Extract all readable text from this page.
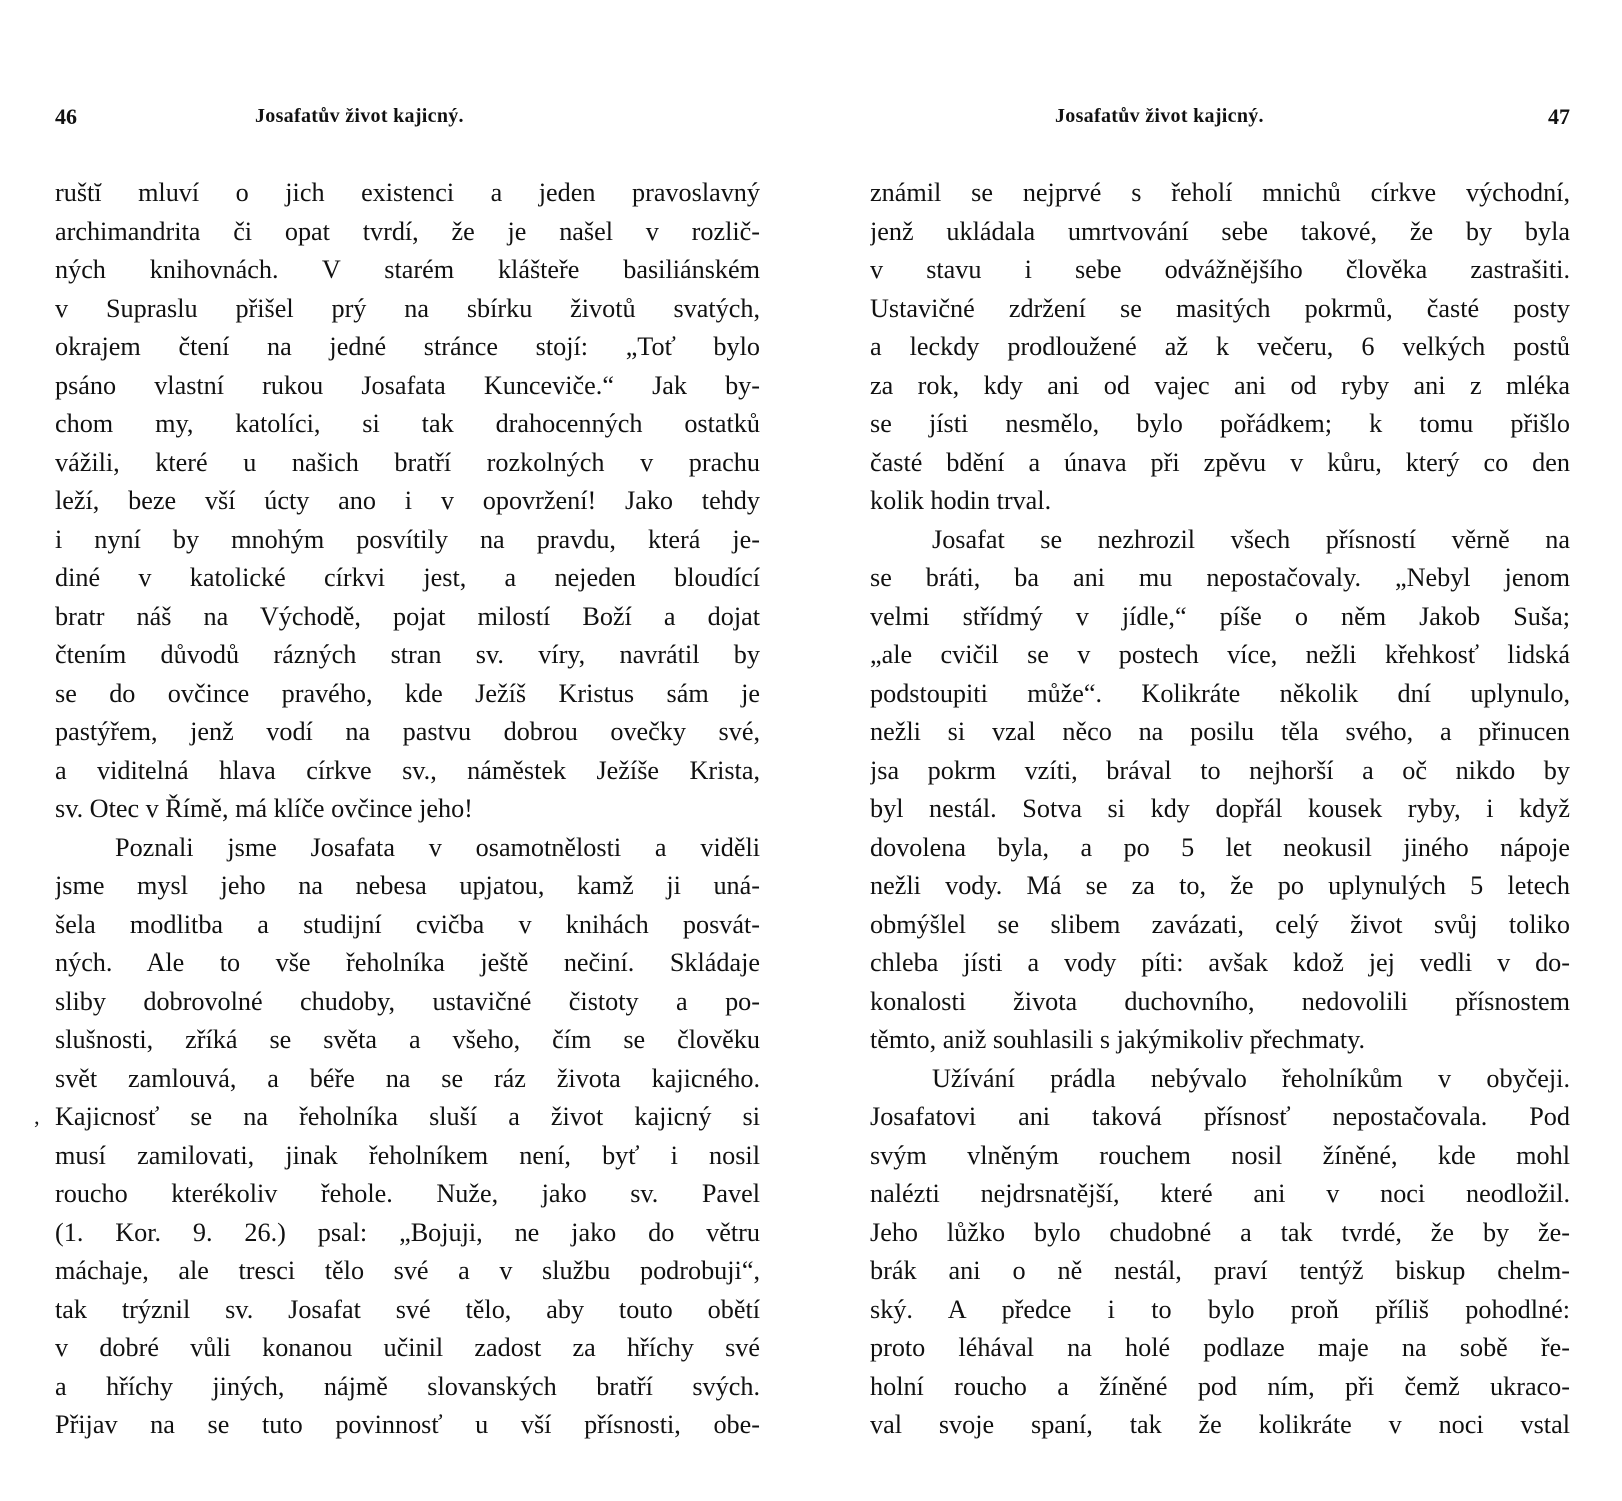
46	Josafatův život kajicný.
ruštĭ mluví o jich existenci a jeden pravoslavný
archimandrita či opat tvrdí, že je našel v rozlič-
ných knihovnách. V starém klášteře basiliánském
v Supraslu přišel prý na sbírku životů svatých,
okrajem čtení na jedné stránce stojí: „Toť bylo
psáno vlastní rukou Josafata Kunceviče.“ Jak by-
chom my, katolíci, si tak drahocenných ostatků
vážili, které u našich bratří rozkolných v prachu
leží, beze vší úcty ano i v opovržení! Jako tehdy
i nyní by mnohým posvítily na pravdu, která je-
diné v katolické církvi jest, a nejeden bloudící
bratr náš na Východě, pojat milostí Boží a dojat
čtením důvodů rázných stran sv. víry, navrátil by
se do ovčince pravého, kde Ježíš Kristus sám je
pastýřem, jenž vodí na pastvu dobrou ovečky své,
a viditelná hlava církve sv., náměstek Ježíše Krista,
sv. Otec v Římě, má klíče ovčince jeho!
Poznali jsme Josafata v osamotnělosti a viděli
jsme mysl jeho na nebesa upjatou, kamž ji uná-
šela modlitba a studijní cvičba v knihách posvát-
ných. Ale to vše řeholníka ještě nečiní. Skládaje
sliby dobrovolné chudoby, ustavičné čistoty a po-
slušnosti, zříká se světa a všeho, čím se člověku
svět zamlouvá, a béře na se ráz života kajicného.
‚ Kajicnosť se na řeholníka sluší a život kajicný si
musí zamilovati, jinak řeholníkem není, byť i nosil
roucho kterékoliv řehole. Nuže, jako sv. Pavel
(1. Kor. 9. 26.) psal: „Bojuji, ne jako do větru
máchaje, ale tresci tělo své a v službu podrobuji“,
tak trýznil sv. Josafat své tělo, aby touto obětí
v dobré vůli konanou učinil zadost za hříchy své
a hříchy jiných, nájmě slovanských bratří svých.
Přijav na se tuto povinnosť u vší přísnosti, obe-
Josafatův život kajicný.	47
známil se nejprvé s řeholí mnichů církve východní,
jenž ukládala umrtvování sebe takové, že by byla
v stavu i sebe odvážnějšího člověka zastrašiti.
Ustavičné zdržení se masitých pokrmů, časté posty
a leckdy prodloužené až k večeru, 6 velkých postů
za rok, kdy ani od vajec ani od ryby ani z mléka
se jísti nesmělo, bylo pořádkem; k tomu přišlo
časté bdění a únava při zpěvu v kůru, který co den
kolik hodin trval.
Josafat se nezhrozil všech přísností věrně na
se bráti, ba ani mu nepostačovaly. „Nebyl jenom
velmi střídmý v jídle,“ píše o něm Jakob Suša;
„ale cvičil se v postech více, nežli křehkosť lidská
podstoupiti může“. Kolikráte několik dní uplynulo,
nežli si vzal něco na posilu těla svého, a přinucen
jsa pokrm vzíti, brával to nejhorší a oč nikdo by
byl nestál. Sotva si kdy dopřál kousek ryby, i když
dovolena byla, a po 5 let neokusil jiného nápoje
nežli vody. Má se za to, že po uplynulých 5 letech
obmýšlel se slibem zavázati, celý život svůj toliko
chleba jísti a vody píti: avšak kdož jej vedli v do-
konalosti života duchovního, nedovolili přísnostem
těmto, aniž souhlasili s jakýmikoliv přechmaty.
Užívání prádla nebývalo řeholníkům v obyčeji.
Josafatovi ani taková přísnosť nepostačovala. Pod
svým vlněným rouchem nosil žíněné, kde mohl
nalézti nejdrsnatější, které ani v noci neodložil.
Jeho lůžko bylo chudobné a tak tvrdé, že by že-
brák ani o ně nestál, praví tentýž biskup chelm-
ský. A předce i to bylo proň příliš pohodlné:
proto léhával na holé podlaze maje na sobě ře-
holní roucho a žíněné pod ním, při čemž ukraco-
val svoje spaní, tak že kolikráte v noci vstal
